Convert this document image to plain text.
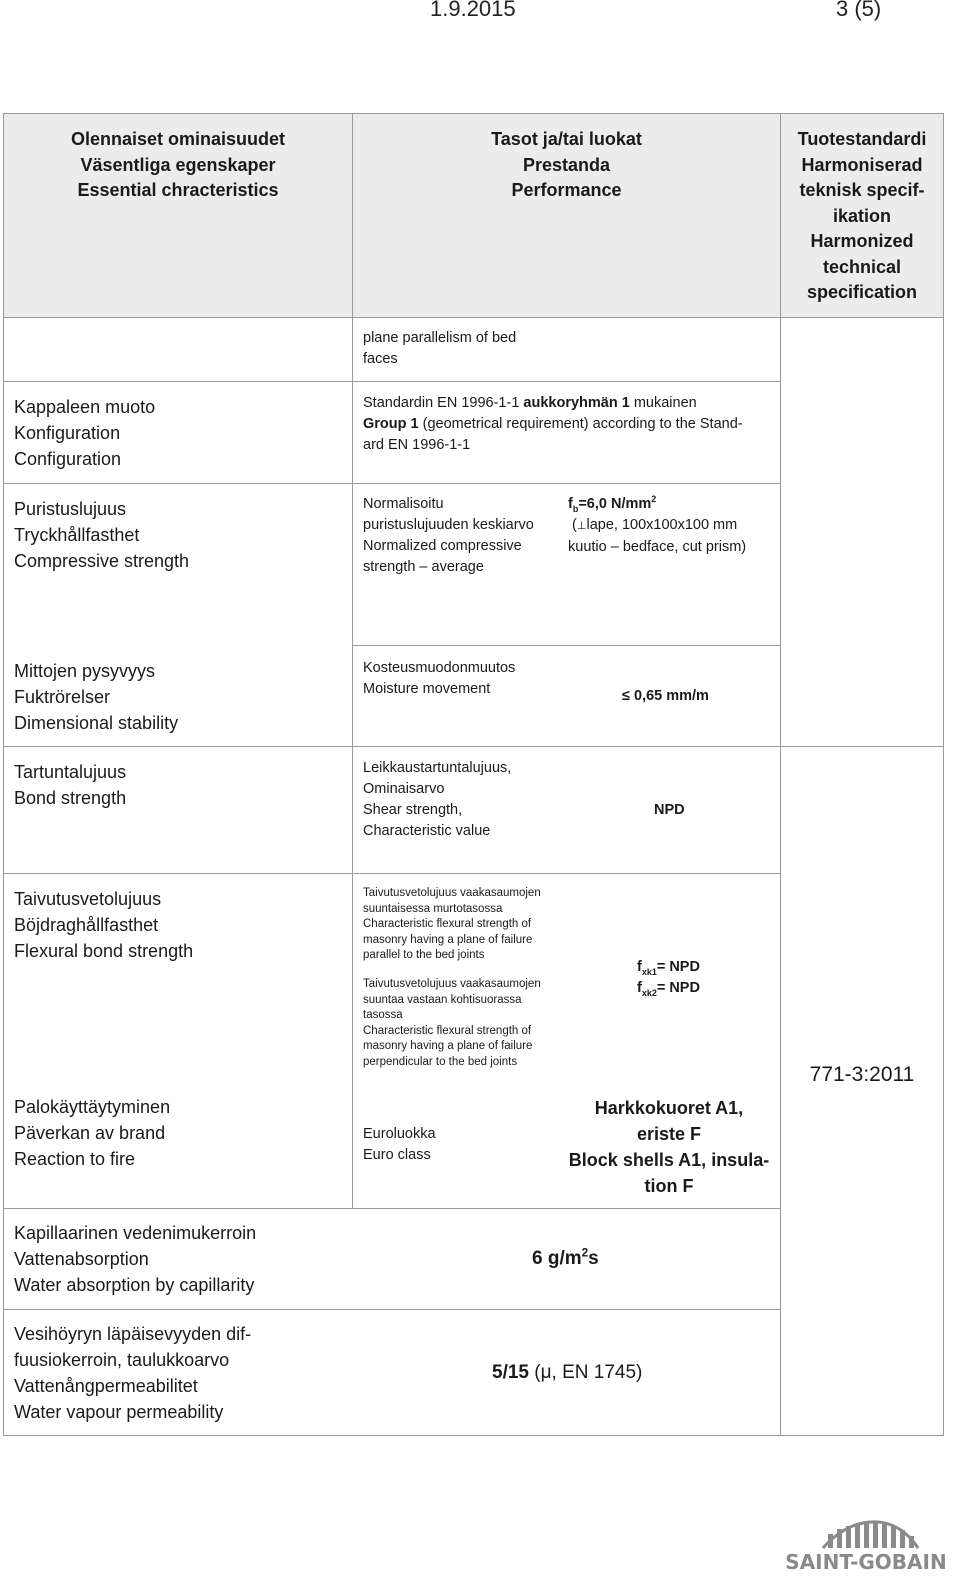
1.9.2015	3 (5)
Olennaiset ominaisuudet
Väsentliga egenskaper
Essential chracteristics
Tasot ja/tai luokat
Prestanda
Performance
Tuotestandardi
Harmoniserad
teknisk specif-
ikation
Harmonized
technical
specification
plane parallelism of bed
faces
Kappaleen muoto
Konfiguration
Configuration
Standardin EN 1996-1-1 aukkoryhmän 1 mukainen
Group 1 (geometrical requirement) according to the Stand-
ard EN 1996-1-1
Puristuslujuus
Tryckhållfasthet
Compressive strength
Normalisoitu
puristuslujuuden keskiarvo
Normalized compressive
strength – average
$f_b=6,0$ $N/mm^2$
(⊥lape, 100x100x100 mm
kuutio – bedface, cut prism)
Mittojen pysyvyys
Fuktrörelser
Dimensional stability
Kosteusmuodonmuutos
Moisture movement	≤ 0,65 mm/m
Tartuntalujuus
Bond strength
Leikkaustartuntalujuus,
Ominaisarvo
Shear strength,
Characteristic value
NPD
Taivutusvetolujuus
Böjdraghållfasthet
Flexural bond strength
Taivutusvetolujuus vaakasaumojen
suuntaisessa murtotasossa
Characteristic flexural strength of
masonry having a plane of failure
parallel to the bed joints
Taivutusvetolujuus vaakasaumojen
suuntaa vastaan kohtisuorassa
tasossa
Characteristic flexural strength of
masonry having a plane of failure
perpendicular to the bed joints
$f_{xk1}=$ NPD
$f_{xk2}=$ NPD
Palokäyttäytyminen
Päverkan av brand
Reaction to fire
Euroluokka
Euro class
Harkkokuoret A1,
eriste F
Block shells A1, insula-
tion F
771-3:2011
Kapillaarinen vedenimukerroin
Vattenabsorption
Water absorption by capillarity
6 $g/m^2s$
Vesihöyryn läpäisevyyden dif-
fuusiokerroin, taulukkoarvo
Vattenångpermeabilitet
Water vapour permeability
5/15 (μ, EN 1745)
SAINT-GOBAIN
